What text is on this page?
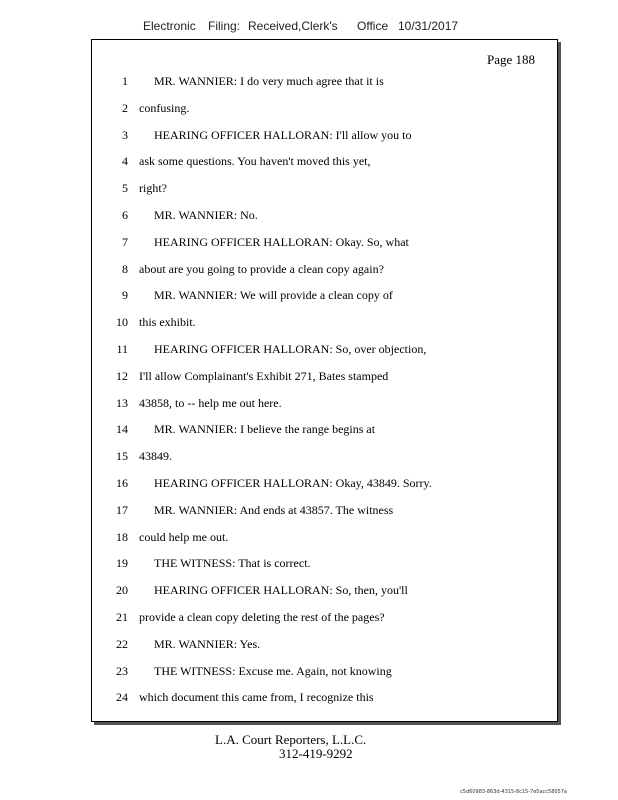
Electronic Filing: Received,Clerk's Office 10/31/2017
Page 188
1 MR. WANNIER: I do very much agree that it is
2 confusing.
3 HEARING OFFICER HALLORAN: I'll allow you to
4 ask some questions. You haven't moved this yet,
5 right?
6 MR. WANNIER: No.
7 HEARING OFFICER HALLORAN: Okay. So, what
8 about are you going to provide a clean copy again?
9 MR. WANNIER: We will provide a clean copy of
10 this exhibit.
11 HEARING OFFICER HALLORAN: So, over objection,
12 I'll allow Complainant's Exhibit 271, Bates stamped
13 43858, to -- help me out here.
14 MR. WANNIER: I believe the range begins at
15 43849.
16 HEARING OFFICER HALLORAN: Okay, 43849. Sorry.
17 MR. WANNIER: And ends at 43857. The witness
18 could help me out.
19 THE WITNESS: That is correct.
20 HEARING OFFICER HALLORAN: So, then, you'll
21 provide a clean copy deleting the rest of the pages?
22 MR. WANNIER: Yes.
23 THE WITNESS: Excuse me. Again, not knowing
24 which document this came from, I recognize this
L.A. Court Reporters, L.L.C.
312-419-9292
c5d60983-863d-4315-8c15-7e5acc58057a
